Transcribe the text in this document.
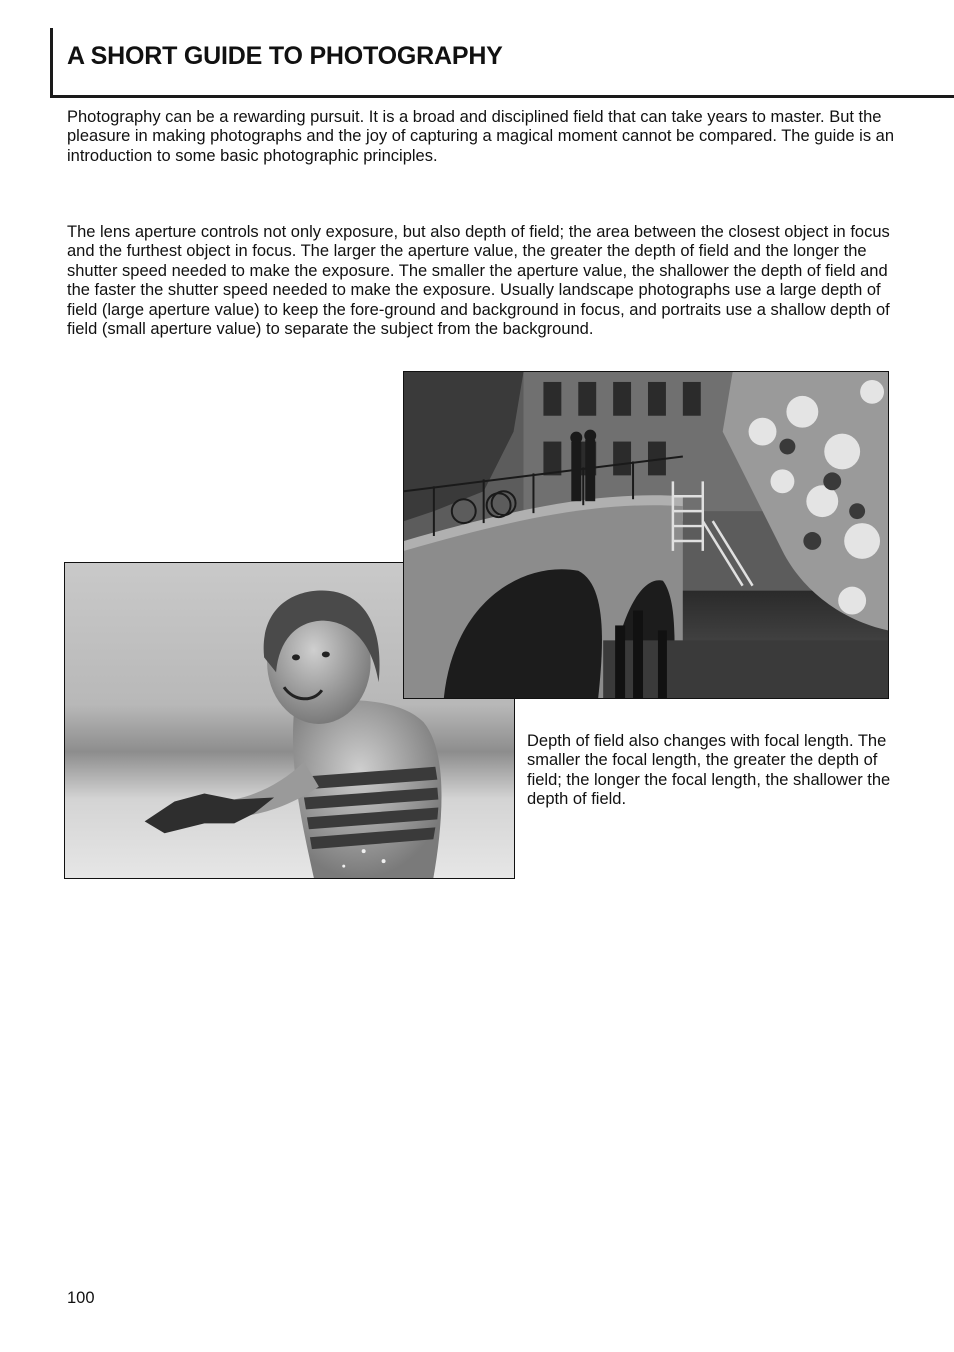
A SHORT GUIDE TO PHOTOGRAPHY

Photography can be a rewarding pursuit. It is a broad and disciplined field that can take years to master. But the pleasure in making photographs and the joy of capturing a magical moment cannot be compared. The guide is an introduction to some basic photographic principles.

The lens aperture controls not only exposure, but also depth of field; the area between the closest object in focus and the furthest object in focus. The larger the aperture value, the greater the depth of field and the longer the shutter speed needed to make the exposure. The smaller the aperture value, the shallower the depth of field and the faster the shutter speed needed to make the exposure. Usually landscape photographs use a large depth of field (large aperture value) to keep the fore-ground and background in focus, and portraits use a shallow depth of field (small aperture value) to separate the subject from the background.

Depth of field also changes with focal length. The smaller the focal length, the greater the depth of field; the longer the focal length, the shallower the depth of field.

100
